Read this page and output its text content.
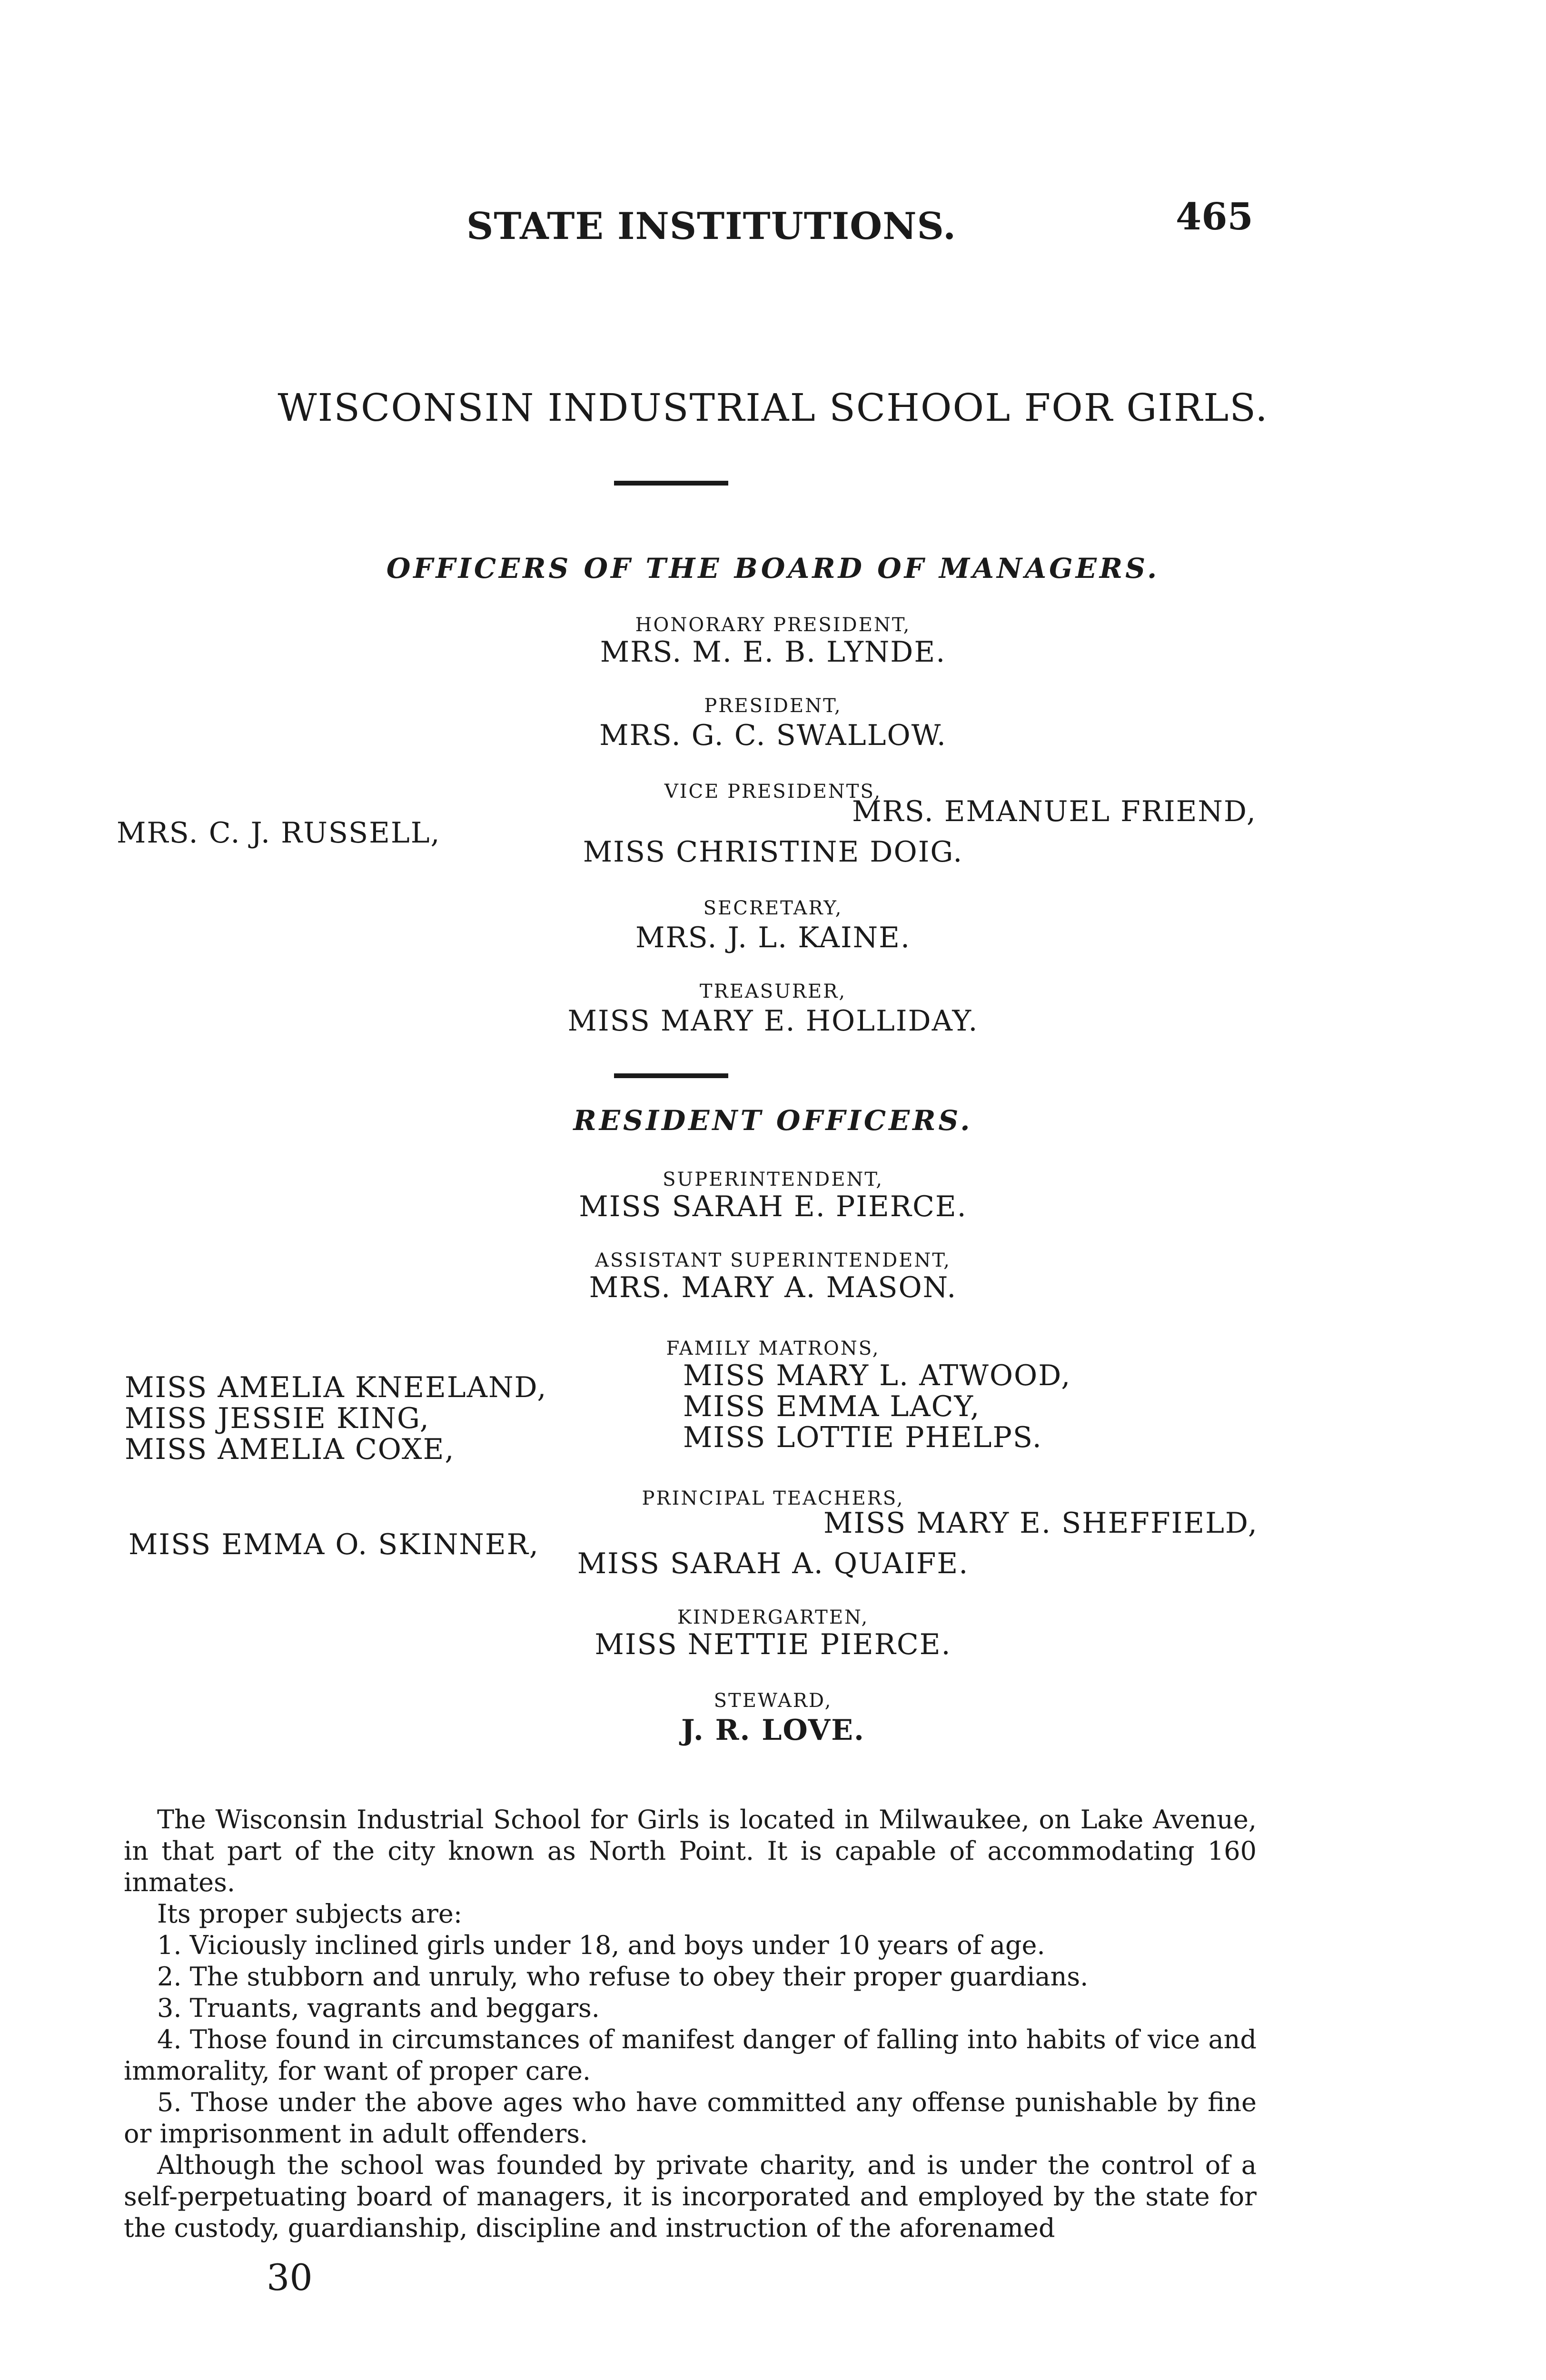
STATE INSTITUTIONS.	465
WISCONSIN INDUSTRIAL SCHOOL FOR GIRLS.
OFFICERS OF THE BOARD OF MANAGERS.
HONORARY PRESIDENT,
MRS. M. E. B. LYNDE.
PRESIDENT,
MRS. G. C. SWALLOW.
VICE PRESIDENTS,
MRS. C. J. RUSSELL,
MRS. EMANUEL FRIEND,
MISS CHRISTINE DOIG.
SECRETARY,
MRS. J. L. KAINE.
TREASURER,
MISS MARY E. HOLLIDAY.
RESIDENT OFFICERS.
SUPERINTENDENT,
MISS SARAH E. PIERCE.
ASSISTANT SUPERINTENDENT,
MRS. MARY A. MASON.
FAMILY MATRONS,
MISS AMELIA KNEELAND,
MISS JESSIE KING,
MISS AMELIA COXE,
MISS MARY L. ATWOOD,
MISS EMMA LACY,
MISS LOTTIE PHELPS.
PRINCIPAL TEACHERS,
MISS EMMA O. SKINNER,
MISS MARY E. SHEFFIELD,
MISS SARAH A. QUAIFE.
KINDERGARTEN,
MISS NETTIE PIERCE.
STEWARD,
J. R. LOVE.

The Wisconsin Industrial School for Girls is located in Milwaukee, on Lake Avenue, in that part of the city known as North Point. It is capable of accommodating 160 inmates.

Its proper subjects are:

1. Viciously inclined girls under 18, and boys under 10 years of age.

2. The stubborn and unruly, who refuse to obey their proper guardians.

3. Truants, vagrants and beggars.

4. Those found in circumstances of manifest danger of falling into habits of vice and immorality, for want of proper care.

5. Those under the above ages who have committed any offense punishable by fine or imprisonment in adult offenders.

Although the school was founded by private charity, and is under the control of a self-perpetuating board of managers, it is incorporated and employed by the state for the custody, guardianship, discipline and instruction of the aforenamed

30
